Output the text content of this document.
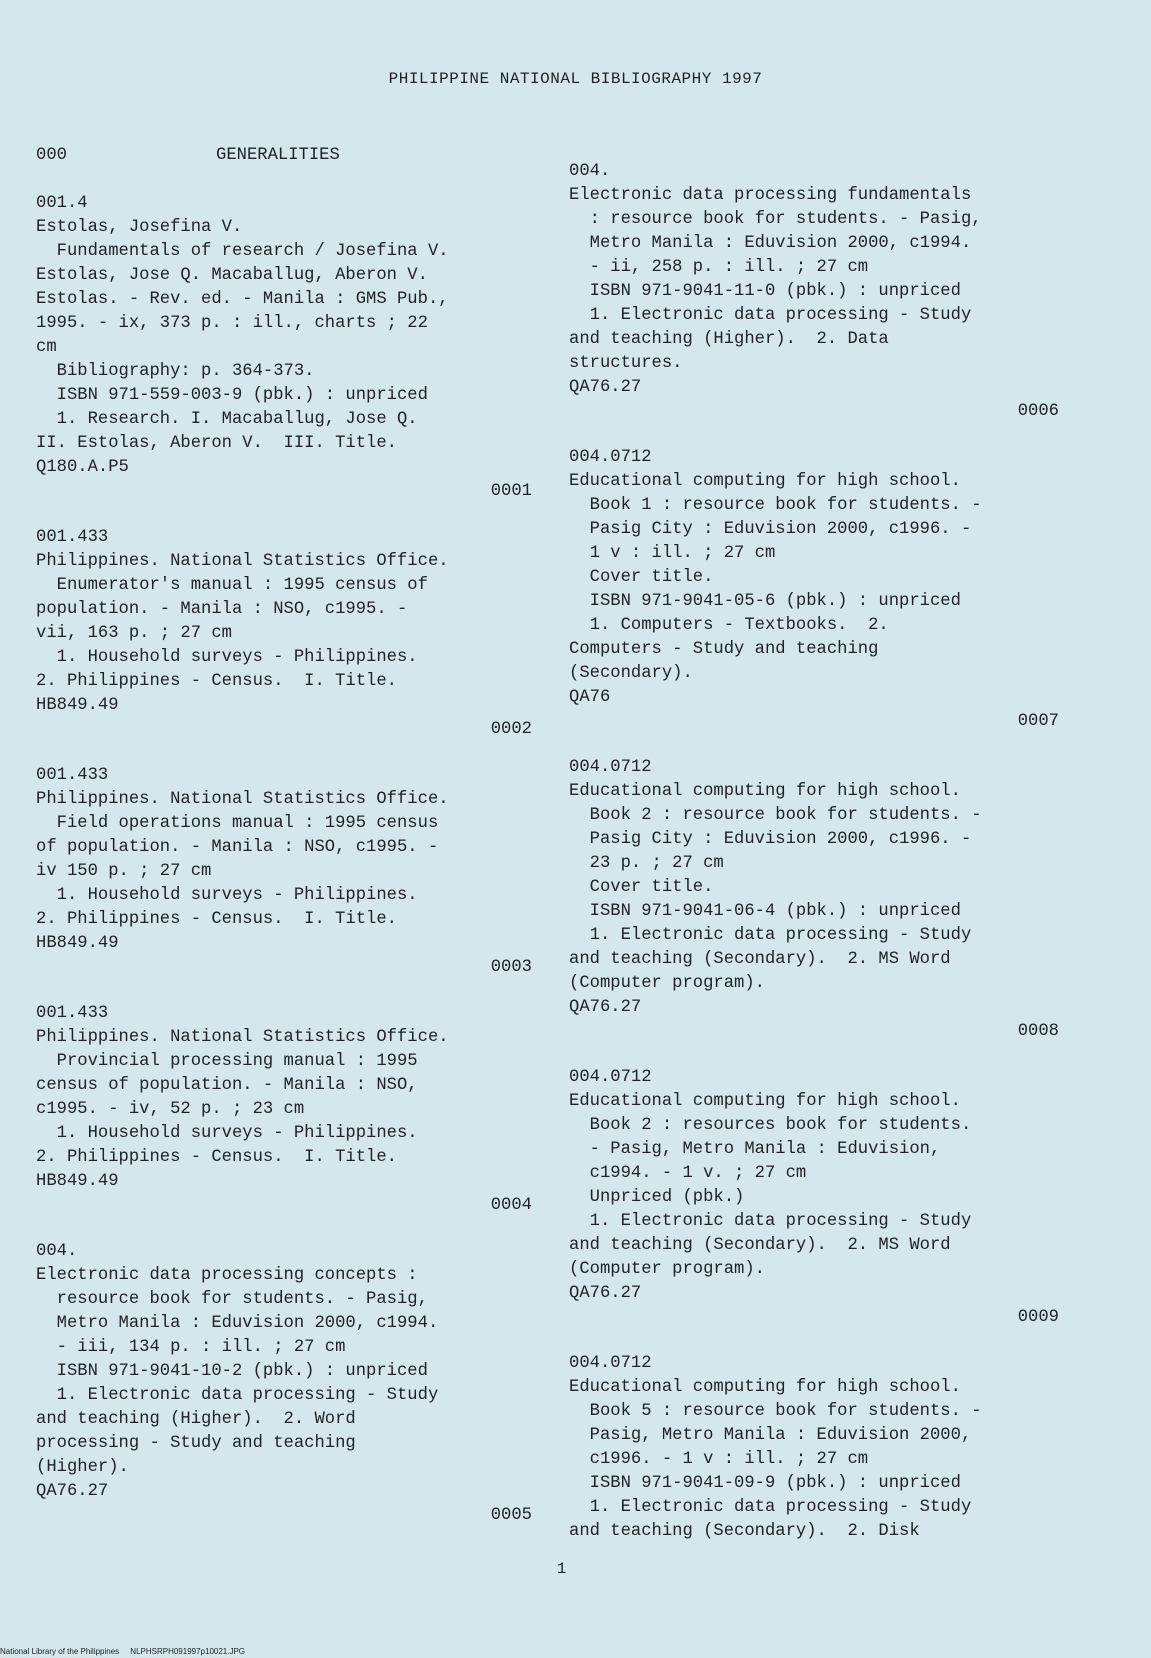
PHILIPPINE NATIONAL BIBLIOGRAPHY 1997
000	GENERALITIES
001.4
Estolas, Josefina V.
Fundamentals of research / Josefina V.
Estolas, Jose Q. Macaballug, Aberon V.
Estolas. - Rev. ed. - Manila : GMS Pub.,
1995. - ix, 373 p. : ill., charts ; 22
cm
Bibliography: p. 364-373.
ISBN 971-559-003-9 (pbk.) : unpriced
1. Research. I. Macaballug, Jose Q.
II. Estolas, Aberon V.  III. Title.
Q180.A.P5
0001
001.433
Philippines. National Statistics Office.
Enumerator's manual : 1995 census of
population. - Manila : NSO, c1995. -
vii, 163 p. ; 27 cm
1. Household surveys - Philippines.
2. Philippines - Census.  I. Title.
HB849.49
0002
001.433
Philippines. National Statistics Office.
Field operations manual : 1995 census
of population. - Manila : NSO, c1995. -
iv 150 p. ; 27 cm
1. Household surveys - Philippines.
2. Philippines - Census.  I. Title.
HB849.49
0003
001.433
Philippines. National Statistics Office.
Provincial processing manual : 1995
census of population. - Manila : NSO,
c1995. - iv, 52 p. ; 23 cm
1. Household surveys - Philippines.
2. Philippines - Census.  I. Title.
HB849.49
0004
004.
Electronic data processing concepts :
resource book for students. - Pasig,
Metro Manila : Eduvision 2000, c1994.
- iii, 134 p. : ill. ; 27 cm
ISBN 971-9041-10-2 (pbk.) : unpriced
1. Electronic data processing - Study
and teaching (Higher).  2. Word
processing - Study and teaching
(Higher).
QA76.27
0005
004.
Electronic data processing fundamentals
: resource book for students. - Pasig,
Metro Manila : Eduvision 2000, c1994.
- ii, 258 p. : ill. ; 27 cm
ISBN 971-9041-11-0 (pbk.) : unpriced
1. Electronic data processing - Study
and teaching (Higher).  2. Data
structures.
QA76.27
0006
004.0712
Educational computing for high school.
Book 1 : resource book for students. -
Pasig City : Eduvision 2000, c1996. -
1 v : ill. ; 27 cm
Cover title.
ISBN 971-9041-05-6 (pbk.) : unpriced
1. Computers - Textbooks.  2.
Computers - Study and teaching
(Secondary).
QA76
0007
004.0712
Educational computing for high school.
Book 2 : resource book for students. -
Pasig City : Eduvision 2000, c1996. -
23 p. ; 27 cm
Cover title.
ISBN 971-9041-06-4 (pbk.) : unpriced
1. Electronic data processing - Study
and teaching (Secondary).  2. MS Word
(Computer program).
QA76.27
0008
004.0712
Educational computing for high school.
Book 2 : resources book for students.
- Pasig, Metro Manila : Eduvision,
c1994. - 1 v. ; 27 cm
Unpriced (pbk.)
1. Electronic data processing - Study
and teaching (Secondary).  2. MS Word
(Computer program).
QA76.27
0009
004.0712
Educational computing for high school.
Book 5 : resource book for students. -
Pasig, Metro Manila : Eduvision 2000,
c1996. - 1 v : ill. ; 27 cm
ISBN 971-9041-09-9 (pbk.) : unpriced
1. Electronic data processing - Study
and teaching (Secondary).  2. Disk
1
National Library of the Philippines     NLPHSRPH091997p10021.JPG
